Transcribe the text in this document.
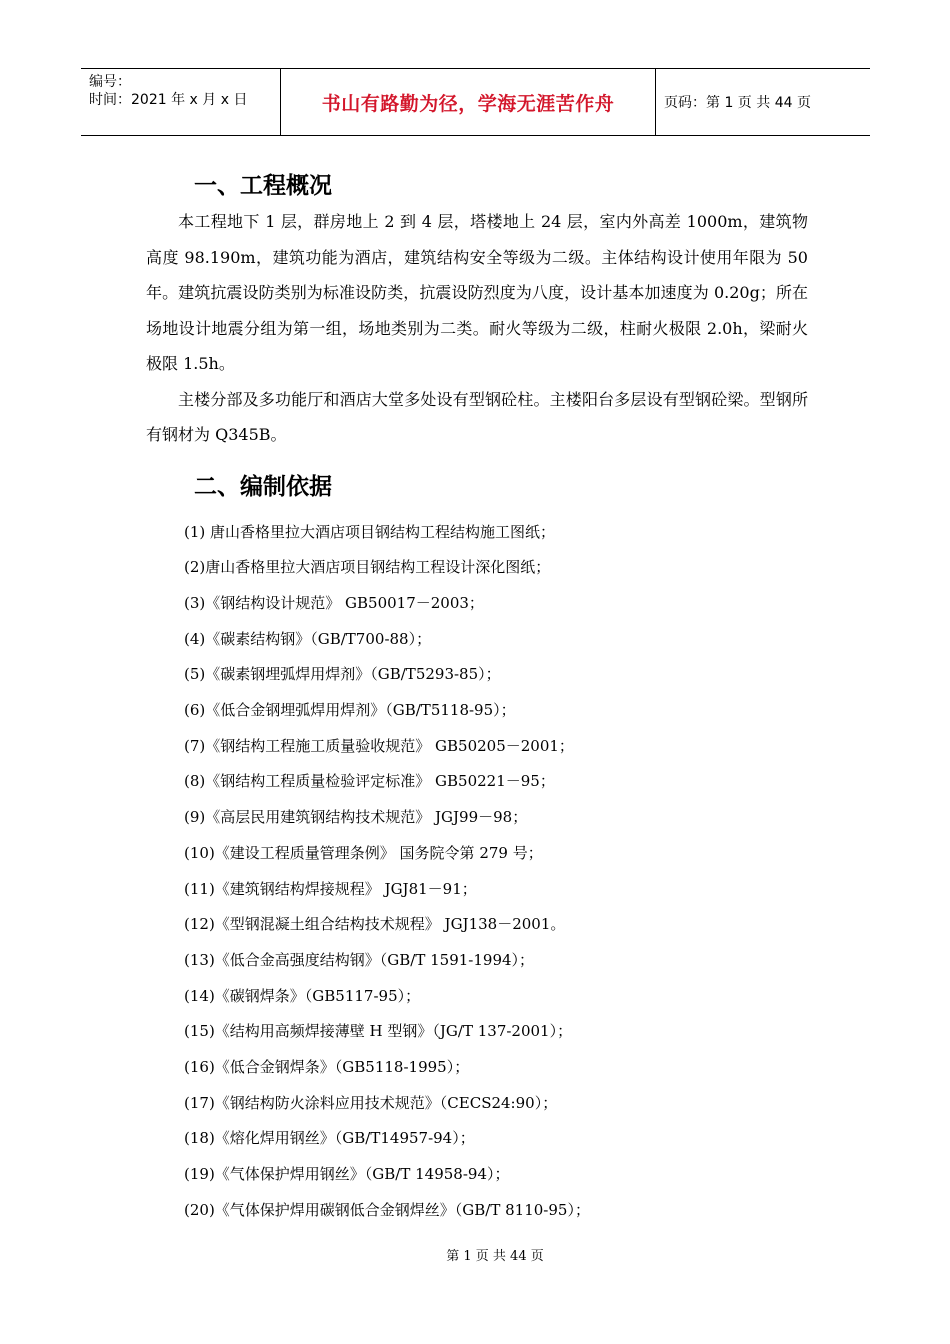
编号：
时间：2021 年 x 月 x 日	书山有路勤为径，学海无涯苦作舟	页码：第 1 页 共 44 页
一、工程概况

本工程地下 1 层，群房地上 2 到 4 层，塔楼地上 24 层，室内外高差 1000m，建筑物高度 98.190m，建筑功能为酒店，建筑结构安全等级为二级。主体结构设计使用年限为 50 年。建筑抗震设防类别为标准设防类，抗震设防烈度为八度，设计基本加速度为 0.20g；所在场地设计地震分组为第一组，场地类别为二类。耐火等级为二级，柱耐火极限 2.0h，梁耐火极限 1.5h。

主楼分部及多功能厅和酒店大堂多处设有型钢砼柱。主楼阳台多层设有型钢砼梁。型钢所有钢材为 Q345B。

二、编制依据
(1) 唐山香格里拉大酒店项目钢结构工程结构施工图纸；
(2)唐山香格里拉大酒店项目钢结构工程设计深化图纸；
(3)《钢结构设计规范》 GB50017－2003；
(4)《碳素结构钢》（GB/T700-88）；
(5)《碳素钢埋弧焊用焊剂》（GB/T5293-85）；
(6)《低合金钢埋弧焊用焊剂》（GB/T5118-95）；
(7)《钢结构工程施工质量验收规范》 GB50205－2001；
(8)《钢结构工程质量检验评定标准》 GB50221－95；
(9)《高层民用建筑钢结构技术规范》 JGJ99－98；
(10)《建设工程质量管理条例》 国务院令第 279 号；
(11)《建筑钢结构焊接规程》 JGJ81－91；
(12)《型钢混凝土组合结构技术规程》 JGJ138－2001。
(13)《低合金高强度结构钢》（GB/T 1591-1994）；
(14)《碳钢焊条》（GB5117-95）；
(15)《结构用高频焊接薄壁 H 型钢》（JG/T 137-2001）；
(16)《低合金钢焊条》（GB5118-1995）；
(17)《钢结构防火涂料应用技术规范》（CECS24:90）；
(18)《熔化焊用钢丝》（GB/T14957-94）；
(19)《气体保护焊用钢丝》（GB/T 14958-94）；
(20)《气体保护焊用碳钢低合金钢焊丝》（GB/T 8110-95）；
第 1 页 共 44 页
